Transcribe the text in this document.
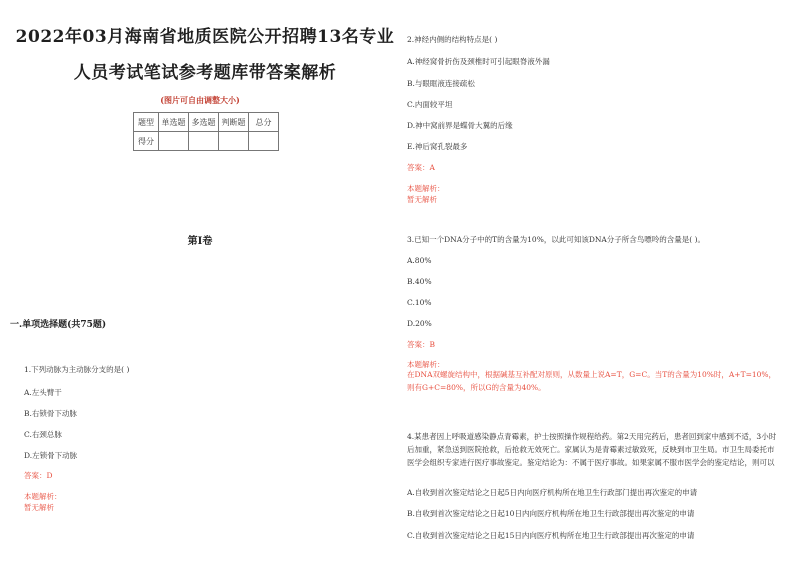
2022年03月海南省地质医院公开招聘13名专业
人员考试笔试参考题库带答案解析
(图片可自由调整大小)
题型	单选题	多选题	判断题	总分
得分				
第I卷
一.单项选择题(共75题)
1.下列动脉为主动脉分支的是( )
A.左头臂干
B.右锁骨下动脉
C.右颈总脉
D.左锁骨下动脉
答案：D
本题解析：
暂无解析
2.神经内侧的结构特点是( )
A.神经窝骨折伤及颈椎时可引起眼脊液外漏
B.与眼眶液连接疏松
C.内面较平坦
D.神中窝前界是蝶骨大翼的后缘
E.神后窝孔裂最多
答案：A
本题解析：
暂无解析
3.已知一个DNA分子中的T的含量为10%，以此可知该DNA分子所含鸟嘌呤的含量是( )。
A.80%
B.40%
C.10%
D.20%
答案：B
本题解析：
在DNA双螺旋结构中，根据碱基互补配对原则，从数量上说A=T，G=C。当T的含量为10%时，A+T=10%，则有G+C=80%，所以G的含量为40%。
4.某患者因上呼吸道感染静点青霉素，护士按照操作规程给药。第2天用完药后，患者回到家中感到不适，3小时后加重，紧急送到医院抢救，后抢救无效死亡。家属认为是青霉素过敏致死，反映到市卫生局。市卫生局委托市医学会组织专家进行医疗事故鉴定。鉴定结论为：不属于医疗事故。如果家属不服市医学会的鉴定结论，则可以
A.自收到首次鉴定结论之日起5日内向医疗机构所在地卫生行政部门提出再次鉴定的申请
B.自收到首次鉴定结论之日起10日内向医疗机构所在地卫生行政部提出再次鉴定的申请
C.自收到首次鉴定结论之日起15日内向医疗机构所在地卫生行政部提出再次鉴定的申请
